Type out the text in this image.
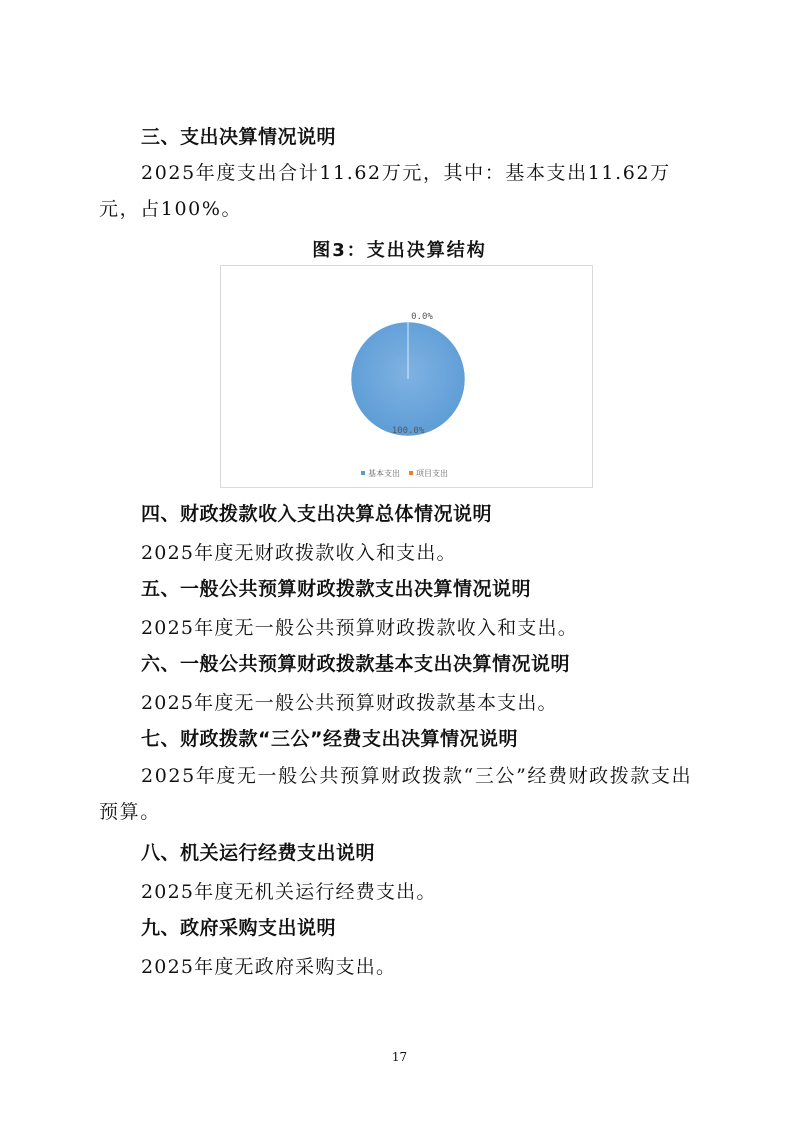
三、支出决算情况说明
2025年度支出合计11.62万元，其中：基本支出11.62万元，占100%。
图3：支出决算结构
100.0%
0.0%
基本支出 项目支出
四、财政拨款收入支出决算总体情况说明
2025年度无财政拨款收入和支出。
五、一般公共预算财政拨款支出决算情况说明
2025年度无一般公共预算财政拨款收入和支出。
六、一般公共预算财政拨款基本支出决算情况说明
2025年度无一般公共预算财政拨款基本支出。
七、财政拨款“三公”经费支出决算情况说明
2025年度无一般公共预算财政拨款“三公”经费财政拨款支出预算。
八、机关运行经费支出说明
2025年度无机关运行经费支出。
九、政府采购支出说明
2025年度无政府采购支出。
17
